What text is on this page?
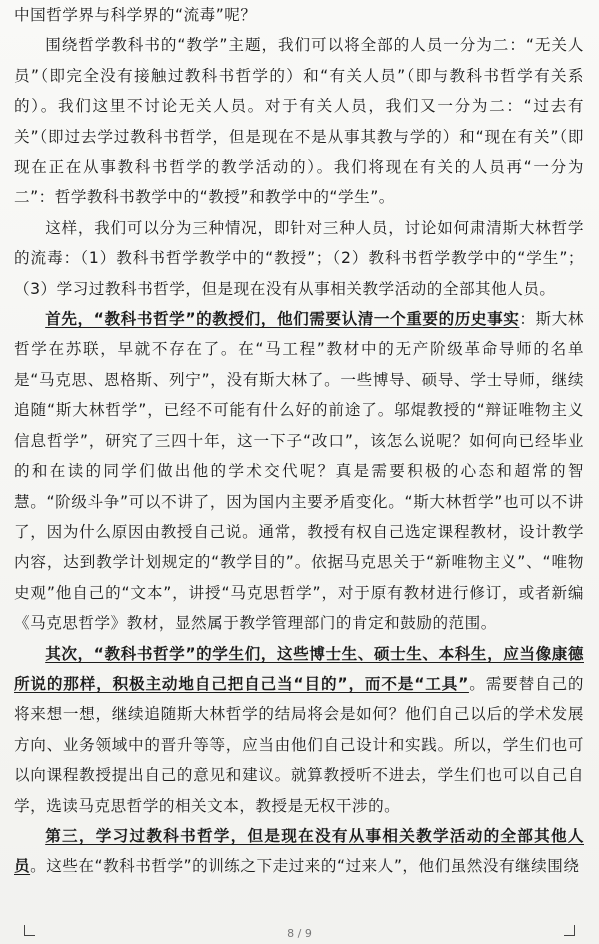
中国哲学界与科学界的“流毒”呢？

围绕哲学教科书的“教学”主题，我们可以将全部的人员一分为二：“无关人员”（即完全没有接触过教科书哲学的）和“有关人员”（即与教科书哲学有关系的）。我们这里不讨论无关人员。对于有关人员，我们又一分为二：“过去有关”（即过去学过教科书哲学，但是现在不是从事其教与学的）和“现在有关”（即现在正在从事教科书哲学的教学活动的）。我们将现在有关的人员再“一分为二”：哲学教科书教学中的“教授”和教学中的“学生”。

这样，我们可以分为三种情况，即针对三种人员，讨论如何肃清斯大林哲学的流毒：（1）教科书哲学教学中的“教授”；（2）教科书哲学教学中的“学生”；（3）学习过教科书哲学，但是现在没有从事相关教学活动的全部其他人员。

首先，“教科书哲学”的教授们，他们需要认清一个重要的历史事实：斯大林哲学在苏联，早就不存在了。在“马工程”教材中的无产阶级革命导师的名单是“马克思、恩格斯、列宁”，没有斯大林了。一些博导、硕导、学士导师，继续追随“斯大林哲学”，已经不可能有什么好的前途了。邬焜教授的“辩证唯物主义信息哲学”，研究了三四十年，这一下子“改口”，该怎么说呢？如何向已经毕业的和在读的同学们做出他的学术交代呢？真是需要积极的心态和超常的智慧。“阶级斗争”可以不讲了，因为国内主要矛盾变化。“斯大林哲学”也可以不讲了，因为什么原因由教授自己说。通常，教授有权自己选定课程教材，设计教学内容，达到教学计划规定的“教学目的”。依据马克思关于“新唯物主义”、“唯物史观”他自己的“文本”，讲授“马克思哲学”，对于原有教材进行修订，或者新编《马克思哲学》教材，显然属于教学管理部门的肯定和鼓励的范围。

其次，“教科书哲学”的学生们，这些博士生、硕士生、本科生，应当像康德所说的那样，积极主动地自己把自己当“目的”，而不是“工具”。需要替自己的将来想一想，继续追随斯大林哲学的结局将会是如何？他们自己以后的学术发展方向、业务领域中的晋升等等，应当由他们自己设计和实践。所以，学生们也可以向课程教授提出自己的意见和建议。就算教授听不进去，学生们也可以自己自学，选读马克思哲学的相关文本，教授是无权干涉的。

第三，学习过教科书哲学，但是现在没有从事相关教学活动的全部其他人员。这些在“教科书哲学”的训练之下走过来的“过来人”，他们虽然没有继续围绕

8 / 9
